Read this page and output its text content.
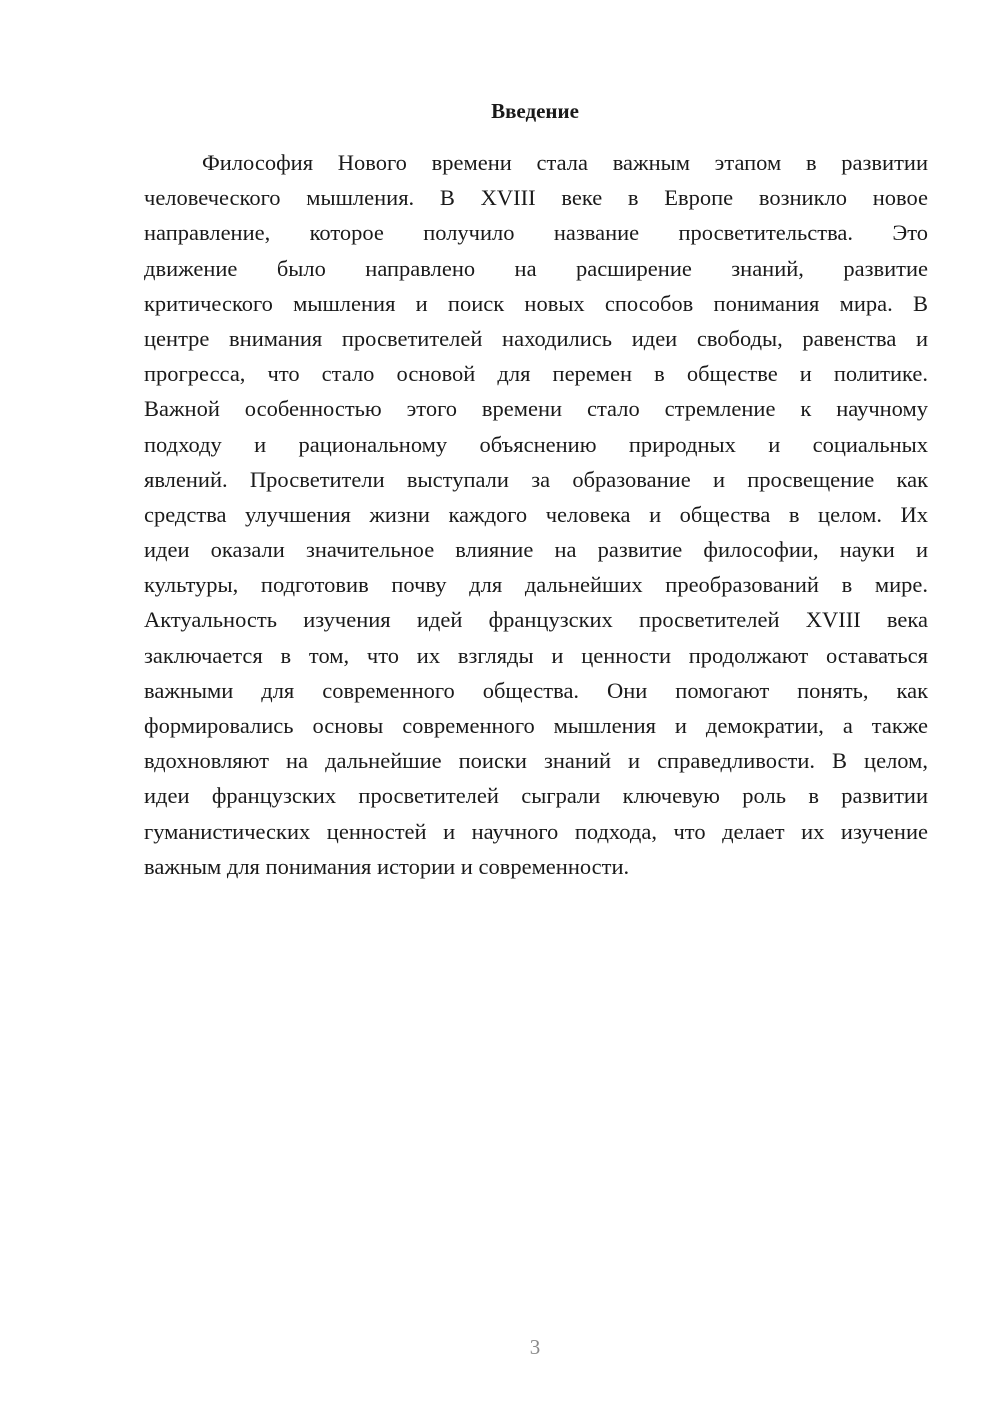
Введение
Философия Нового времени стала важным этапом в развитии
человеческого мышления. В XVIII веке в Европе возникло новое
направление, которое получило название просветительства. Это
движение было направлено на расширение знаний, развитие
критического мышления и поиск новых способов понимания мира. В
центре внимания просветителей находились идеи свободы, равенства и
прогресса, что стало основой для перемен в обществе и политике.
Важной особенностью этого времени стало стремление к научному
подходу и рациональному объяснению природных и социальных
явлений. Просветители выступали за образование и просвещение как
средства улучшения жизни каждого человека и общества в целом. Их
идеи оказали значительное влияние на развитие философии, науки и
культуры, подготовив почву для дальнейших преобразований в мире.
Актуальность изучения идей французских просветителей XVIII века
заключается в том, что их взгляды и ценности продолжают оставаться
важными для современного общества. Они помогают понять, как
формировались основы современного мышления и демократии, а также
вдохновляют на дальнейшие поиски знаний и справедливости. В целом,
идеи французских просветителей сыграли ключевую роль в развитии
гуманистических ценностей и научного подхода, что делает их изучение
важным для понимания истории и современности.
3
